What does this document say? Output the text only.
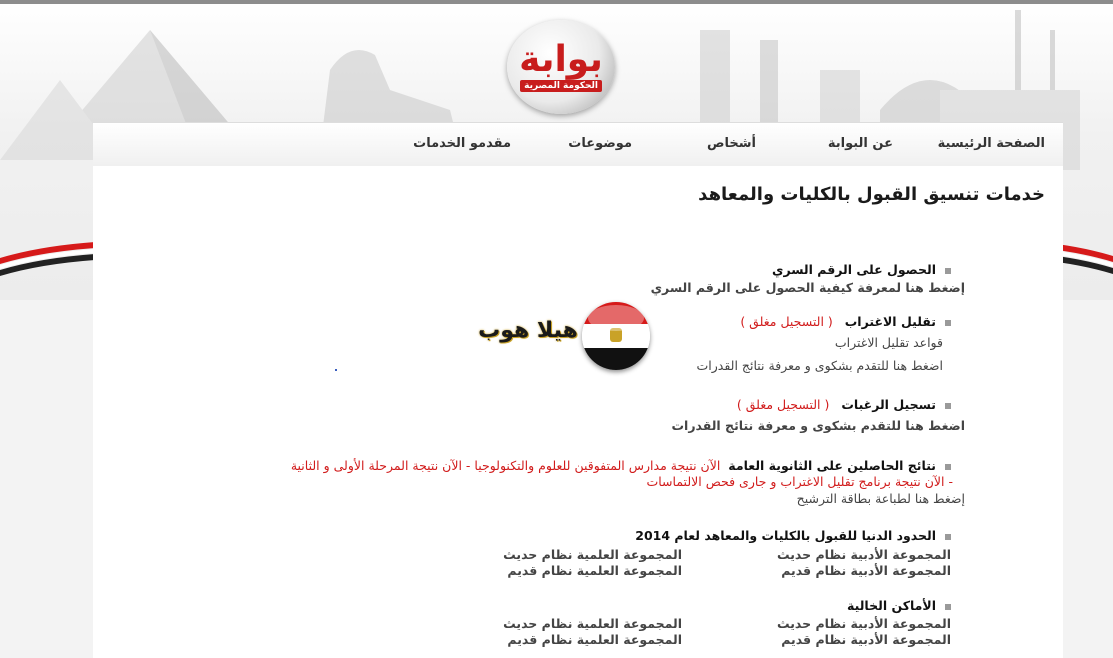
بوابة
الحكومة المصرية
الصفحة الرئيسية
عن البوابة
أشخاص
موضوعات
مقدمو الخدمات
خدمات تنسيق القبول بالكليات والمعاهد
الحصول على الرقم السري
إضغط هنا لمعرفة كيفية الحصول على الرقم السري
تقليل الاغتراب   ( التسجيل مغلق )
قواعد تقليل الاغتراب
اضغط هنا للتقدم بشكوى و معرفة نتائج القدرات
تسجيل الرغبات   ( التسجيل مغلق )
اضغط هنا للتقدم بشكوى و معرفة نتائج القدرات
نتائج الحاصلين على الثانوية العامة  الآن نتيجة مدارس المتفوقين للعلوم والتكنولوجيا - الآن نتيجة المرحلة الأولى و الثانية
- الآن نتيجة برنامج تقليل الاغتراب و جارى فحص الالتماسات
إضغط هنا لطباعة بطاقة الترشيح
الحدود الدنيا للقبول بالكليات والمعاهد لعام 2014
المجموعة الأدبية نظام حديث
المجموعة الأدبية نظام قديم
المجموعة العلمية نظام حديث
المجموعة العلمية نظام قديم
الأماكن الخالية
المجموعة الأدبية نظام حديث
المجموعة الأدبية نظام قديم
المجموعة العلمية نظام حديث
المجموعة العلمية نظام قديم
هيلا هوب
